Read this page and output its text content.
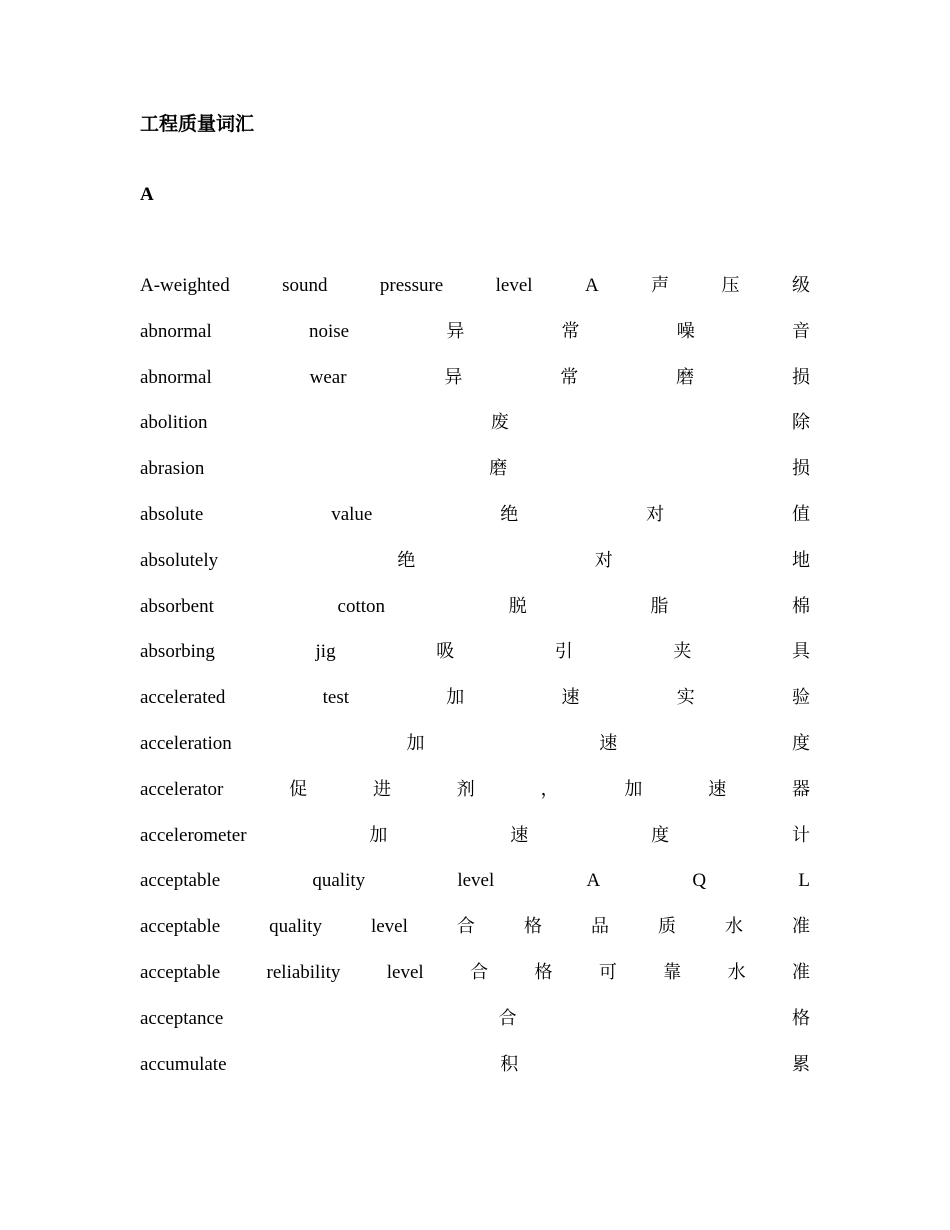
工程质量词汇
A
A-weighted	sound	pressure	level	A	声	压	级
abnormal	noise	异	常	噪	音
abnormal	wear	异	常	磨	损
abolition	废	除
abrasion	磨	损
absolute	value	绝	对	值
absolutely	绝	对	地
absorbent	cotton	脱	脂	棉
absorbing	jig	吸	引	夹	具
accelerated	test	加	速	实	验
acceleration	加	速	度
accelerator	促	进	剂	，	加	速	器
accelerometer	加	速	度	计
acceptable	quality	level	A	Q	L
acceptable	quality	level	合	格	品	质	水	准
acceptable reliability level	合	格	可	靠	水	准
acceptance	合	格
accumulate	积	累
